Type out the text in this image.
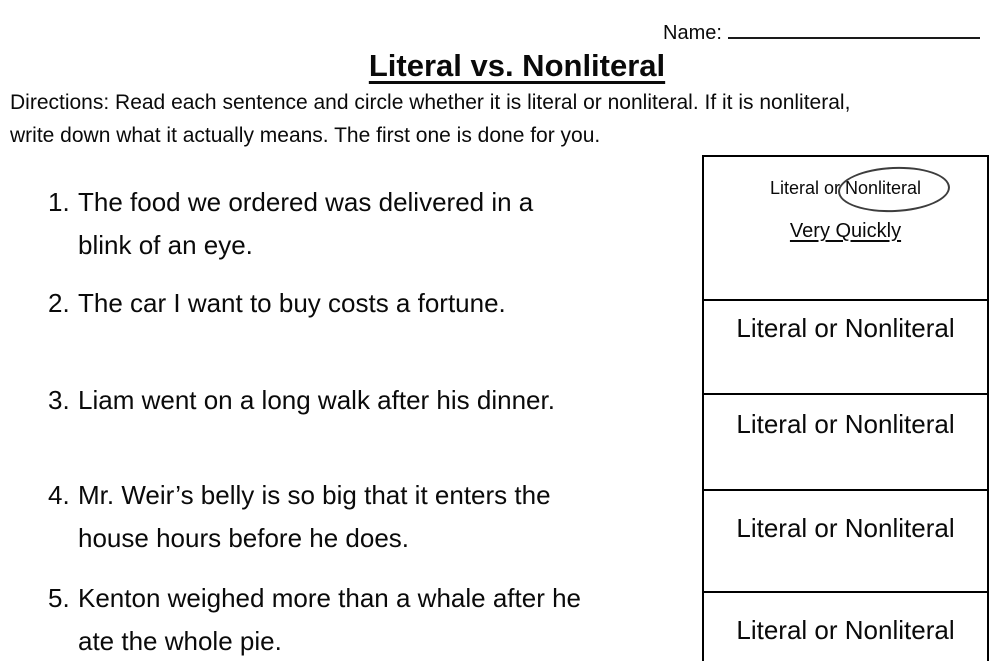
Name:
Literal vs. Nonliteral
Directions: Read each sentence and circle whether it is literal or nonliteral. If it is nonliteral,
write down what it actually means. The first one is done for you.
1. The food we ordered was delivered in a
blink of an eye.
2. The car I want to buy costs a fortune.
3. Liam went on a long walk after his dinner.
4. Mr. Weir’s belly is so big that it enters the
house hours before he does.
5. Kenton weighed more than a whale after he
ate the whole pie.
Literal or Nonliteral
Very Quickly
Literal or Nonliteral
Literal or Nonliteral
Literal or Nonliteral
Literal or Nonliteral
